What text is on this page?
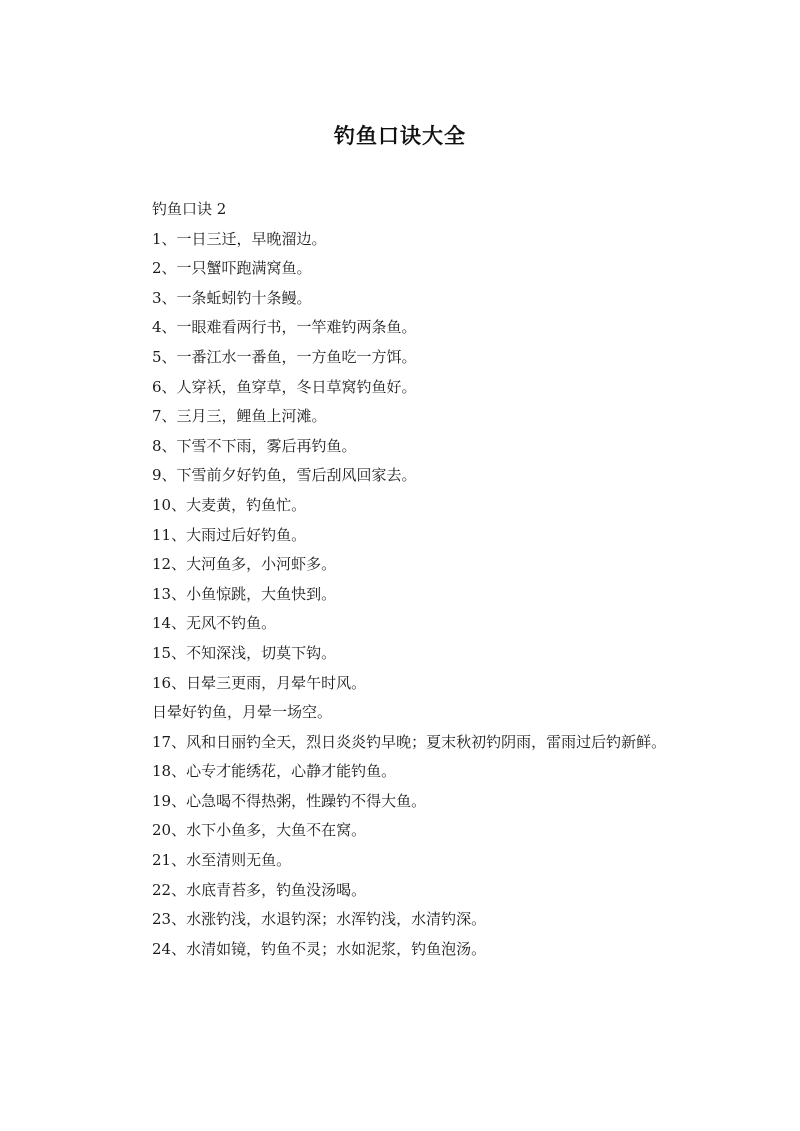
钓鱼口诀大全

钓鱼口诀 2

1、一日三迁，早晚溜边。

2、一只蟹吓跑满窝鱼。

3、一条蚯蚓钓十条鳗。

4、一眼难看两行书，一竿难钓两条鱼。

5、一番江水一番鱼，一方鱼吃一方饵。

6、人穿袄，鱼穿草，冬日草窝钓鱼好。

7、三月三，鲤鱼上河滩。

8、下雪不下雨，雾后再钓鱼。

9、下雪前夕好钓鱼，雪后刮风回家去。

10、大麦黄，钓鱼忙。

11、大雨过后好钓鱼。

12、大河鱼多，小河虾多。

13、小鱼惊跳，大鱼快到。

14、无风不钓鱼。

15、不知深浅，切莫下钩。

16、日晕三更雨，月晕午时风。

日晕好钓鱼，月晕一场空。

17、风和日丽钓全天，烈日炎炎钓早晚；夏末秋初钓阴雨，雷雨过后钓新鲜。

18、心专才能绣花，心静才能钓鱼。

19、心急喝不得热粥，性躁钓不得大鱼。

20、水下小鱼多，大鱼不在窝。

21、水至清则无鱼。

22、水底青苔多，钓鱼没汤喝。

23、水涨钓浅，水退钓深；水浑钓浅，水清钓深。

24、水清如镜，钓鱼不灵；水如泥浆，钓鱼泡汤。
